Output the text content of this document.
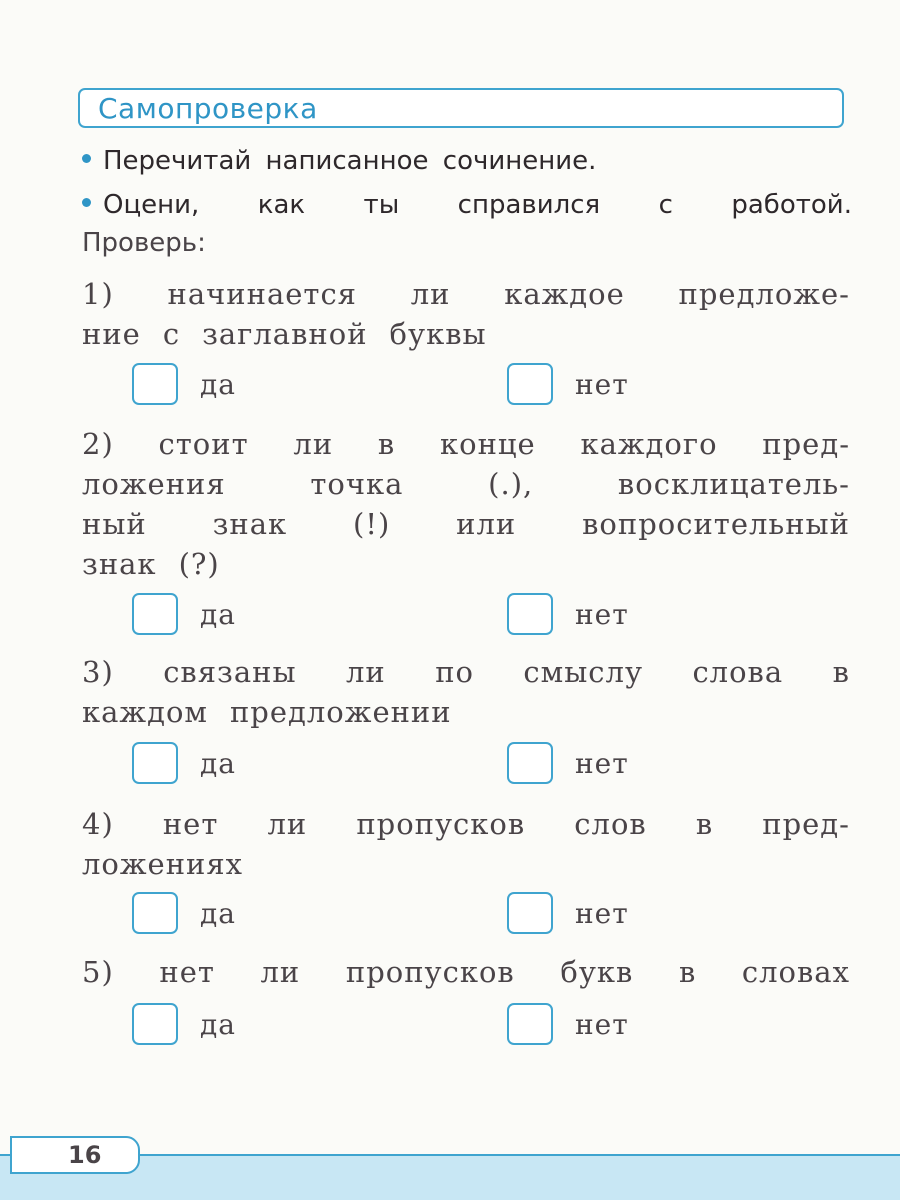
Самопроверка
Перечитай написанное сочинение.
Оцени, как ты справился с работой.
Проверь:
1) начинается ли каждое предложе-
ние с заглавной буквы
да	нет
2) стоит ли в конце каждого пред-
ложения	точка	(.),	восклицатель-
ный знак (!) или вопросительный
знак (?)
да	нет
3) связаны ли по смыслу слова в
каждом предложении
да	нет
4) нет ли пропусков слов в пред-
ложениях
да	нет
5) нет ли пропусков букв в словах
да	нет
16
